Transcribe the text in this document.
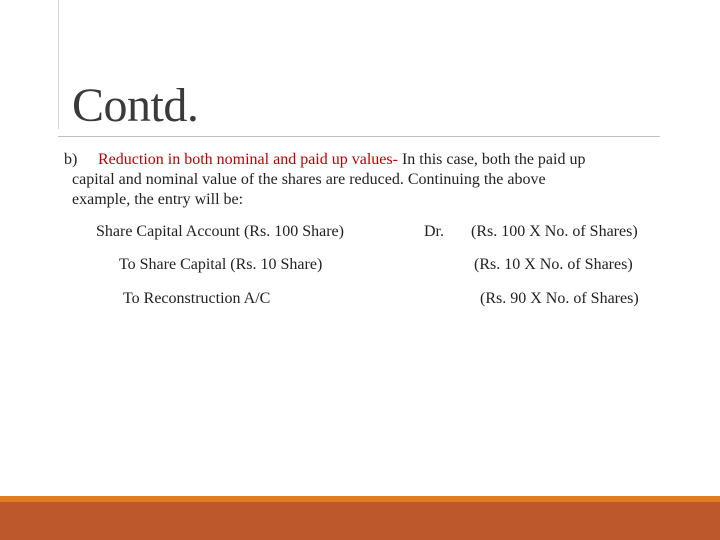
Contd.
b) Reduction in both nominal and paid up values- In this case, both the paid up
capital and nominal value of the shares are reduced. Continuing the above
example, the entry will be:
Share Capital Account (Rs. 100 Share)	Dr. (Rs. 100 X No. of Shares)
To Share Capital (Rs. 10 Share)	(Rs. 10 X No. of Shares)
To Reconstruction A/C	(Rs. 90 X No. of Shares)
